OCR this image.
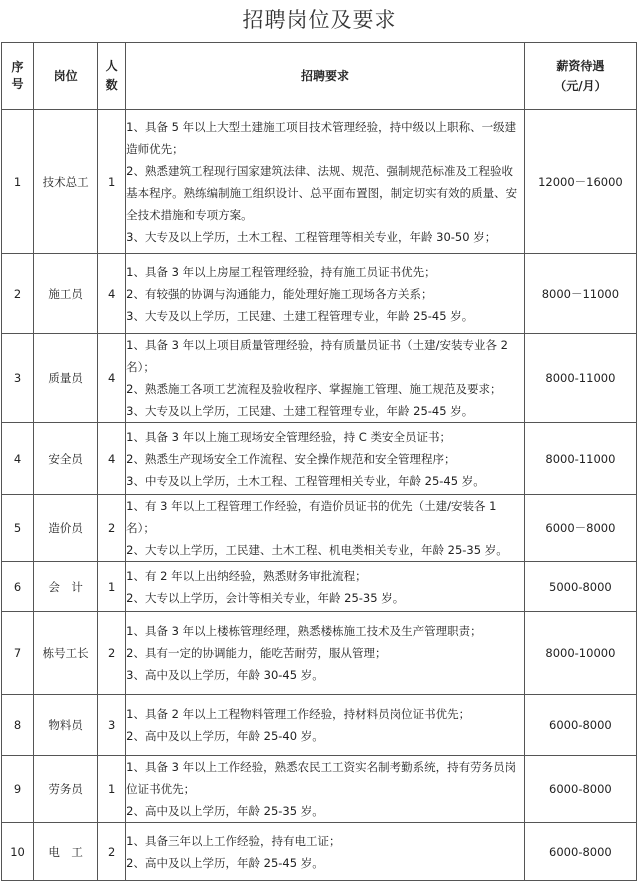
招聘岗位及要求
序号	岗位	人数	招聘要求	薪资待遇
（元/月）

1	技术总工	1	1、具备 5 年以上大型土建施工项目技术管理经验，持中级以上职称、一级建造师优先；
2、熟悉建筑工程现行国家建筑法律、法规、规范、强制规范标准及工程验收基本程序。熟练编制施工组织设计、总平面布置图，制定切实有效的质量、安全技术措施和专项方案。
3、大专及以上学历，土木工程、工程管理等相关专业，年龄 30-50 岁；	12000－16000
2	施工员	4	1、具备 3 年以上房屋工程管理经验，持有施工员证书优先；
2、有较强的协调与沟通能力，能处理好施工现场各方关系；
3、大专及以上学历，工民建、土建工程管理专业，年龄 25-45 岁。	8000－11000
3	质量员	4	1、具备 3 年以上项目质量管理经验，持有质量员证书（土建/安装专业各 2 名）；
2、熟悉施工各项工艺流程及验收程序、掌握施工管理、施工规范及要求；
3、大专及以上学历，工民建、土建工程管理专业，年龄 25-45 岁。	8000-11000
4	安全员	4	1、具备 3 年以上施工现场安全管理经验，持 C 类安全员证书；
2、熟悉生产现场安全工作流程、安全操作规范和安全管理程序；
3、中专及以上学历，土木工程、工程管理相关专业，年龄 25-45 岁。	8000-11000
5	造价员	2	1、有 3 年以上工程管理工作经验，有造价员证书的优先（土建/安装各 1 名）；
2、大专以上学历，工民建、土木工程、机电类相关专业，年龄 25-35 岁。	6000－8000
6	会　计	1	1、有 2 年以上出纳经验，熟悉财务审批流程；
2、大专以上学历，会计等相关专业，年龄 25-35 岁。	5000-8000
7	栋号工长	2	1、具备 3 年以上楼栋管理经理，熟悉楼栋施工技术及生产管理职责；
2、具有一定的协调能力，能吃苦耐劳，服从管理；
3、高中及以上学历，年龄 30-45 岁。	8000-10000
8	物料员	3	1、具备 2 年以上工程物料管理工作经验，持材料员岗位证书优先；
2、高中及以上学历，年龄 25-40 岁。	6000-8000
9	劳务员	1	1、具备 3 年以上工作经验，熟悉农民工工资实名制考勤系统，持有劳务员岗位证书优先；
2、高中及以上学历，年龄 25-35 岁。	6000-8000
10	电　工	2	1、具备三年以上工作经验，持有电工证；
2、高中及以上学历，年龄 25-45 岁。	6000-8000
